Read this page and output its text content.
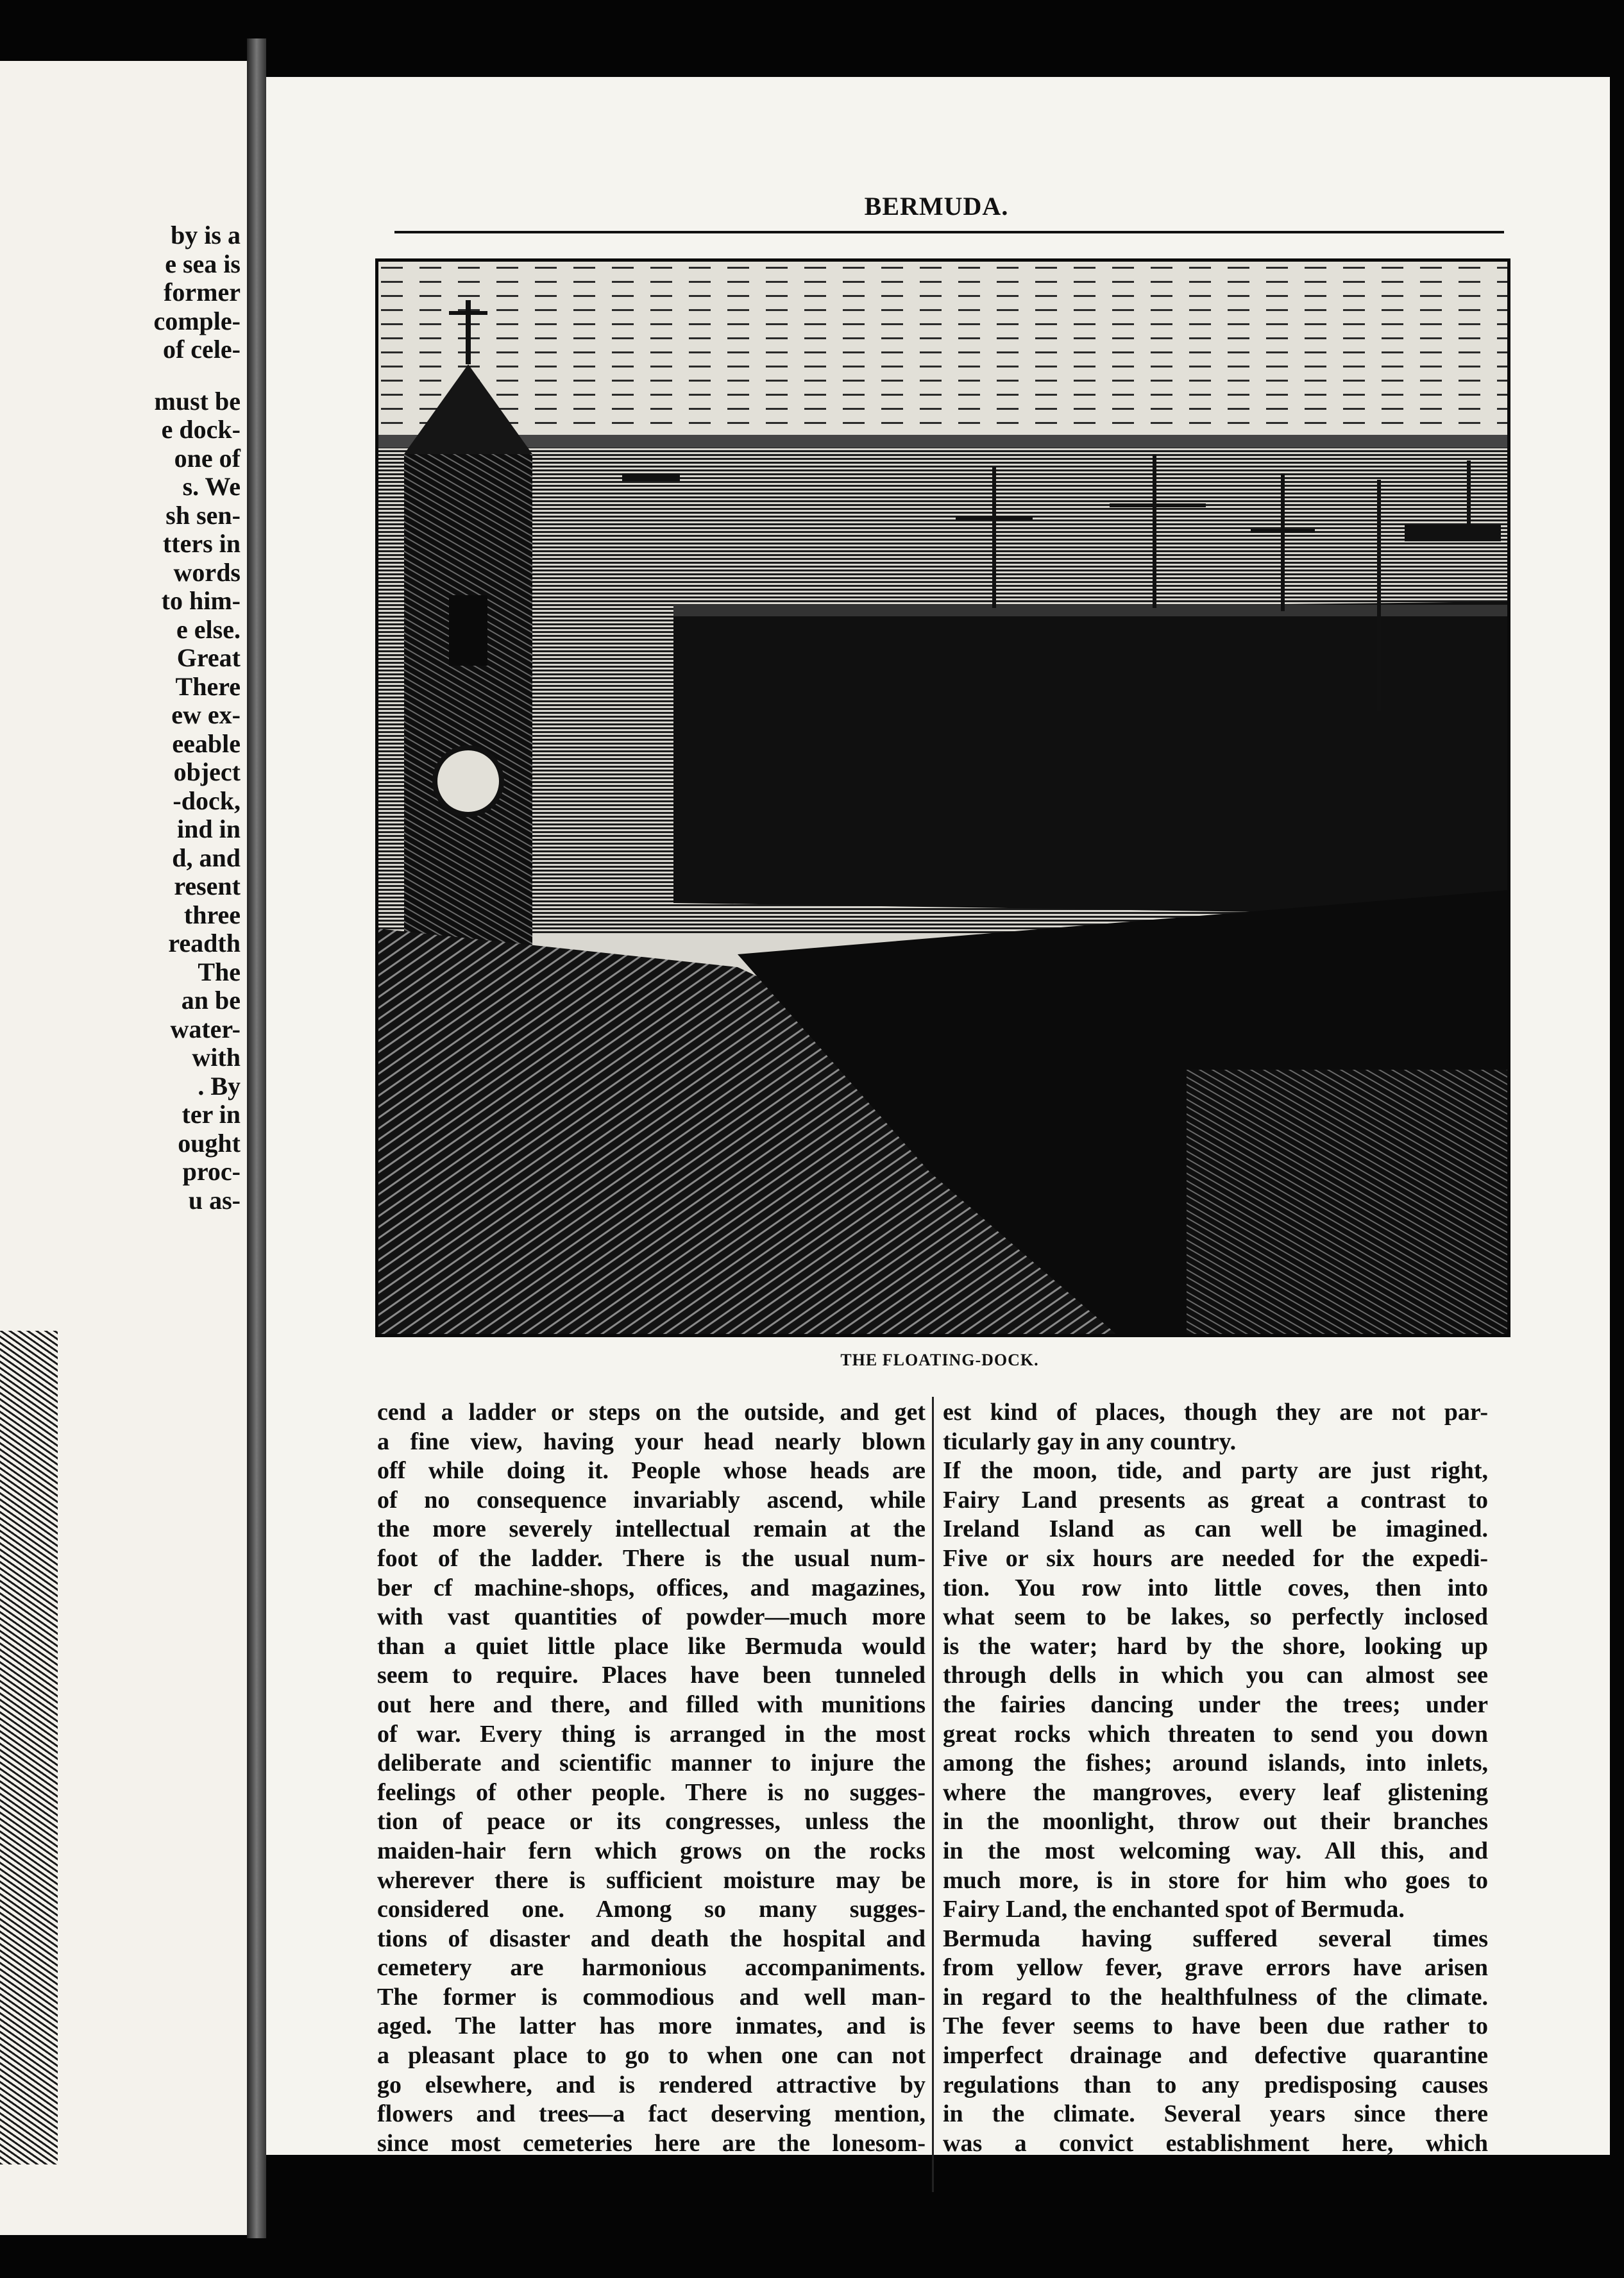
by is a
e sea is
former
comple-
of cele-

must be
e dock-
one of
s. We
sh sen-
tters in
words
to him-
e else.
Great
There
ew ex-
eeable
object
-dock,
ind in
d, and
resent
three
readth
The
an be
water-
with
. By
ter in
ought
proc-
u as-
BERMUDA.
THE FLOATING-DOCK.
cend a ladder or steps on the outside, and get
a fine view, having your head nearly blown
off while doing it. People whose heads are
of no consequence invariably ascend, while
the more severely intellectual remain at the
foot of the ladder. There is the usual num-
ber cf machine-shops, offices, and magazines,
with vast quantities of powder—much more
than a quiet little place like Bermuda would
seem to require. Places have been tunneled
out here and there, and filled with munitions
of war. Every thing is arranged in the most
deliberate and scientific manner to injure the
feelings of other people. There is no sugges-
tion of peace or its congresses, unless the
maiden-hair fern which grows on the rocks
wherever there is sufficient moisture may be
considered one. Among so many sugges-
tions of disaster and death the hospital and
cemetery are harmonious accompaniments.
The former is commodious and well man-
aged. The latter has more inmates, and is
a pleasant place to go to when one can not
go elsewhere, and is rendered attractive by
flowers and trees—a fact deserving mention,
since most cemeteries here are the lonesom-
est kind of places, though they are not par-
ticularly gay in any country.
If the moon, tide, and party are just right,
Fairy Land presents as great a contrast to
Ireland Island as can well be imagined.
Five or six hours are needed for the expedi-
tion. You row into little coves, then into
what seem to be lakes, so perfectly inclosed
is the water; hard by the shore, looking up
through dells in which you can almost see
the fairies dancing under the trees; under
great rocks which threaten to send you down
among the fishes; around islands, into inlets,
where the mangroves, every leaf glistening
in the moonlight, throw out their branches
in the most welcoming way. All this, and
much more, is in store for him who goes to
Fairy Land, the enchanted spot of Bermuda.
Bermuda having suffered several times
from yellow fever, grave errors have arisen
in regard to the healthfulness of the climate.
The fever seems to have been due rather to
imperfect drainage and defective quarantine
regulations than to any predisposing causes
in the climate. Several years since there
was a convict establishment here, which
